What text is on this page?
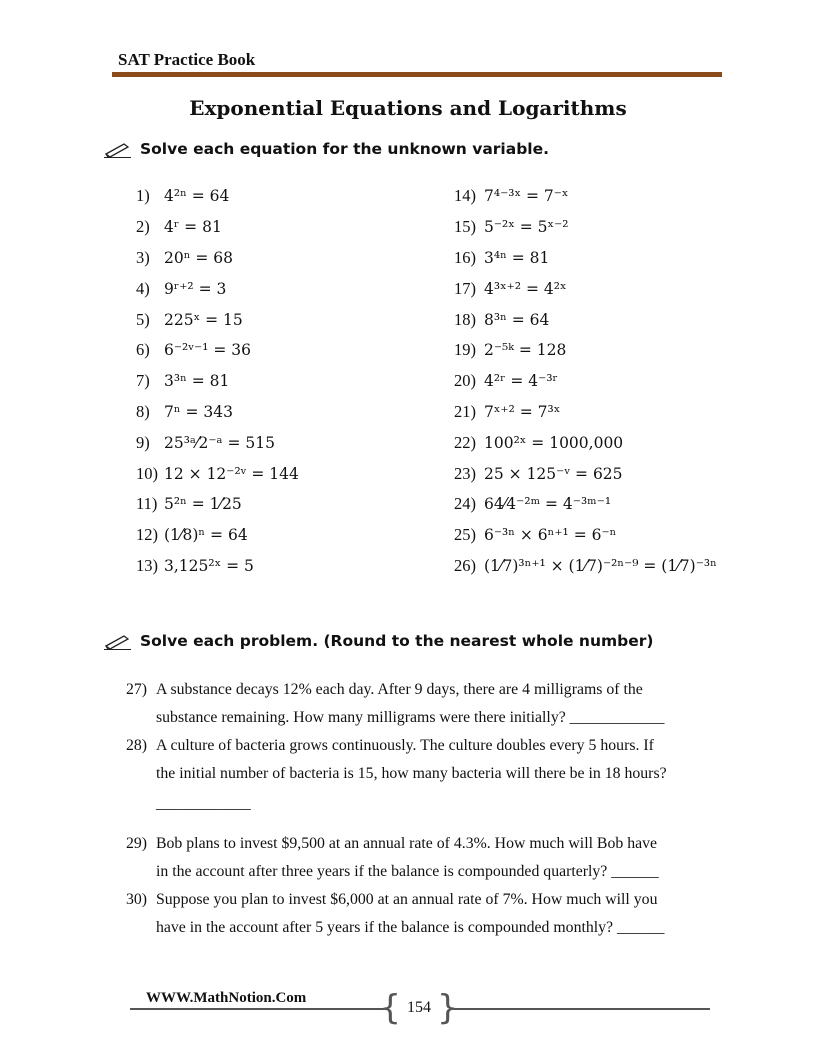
SAT Practice Book
Exponential Equations and Logarithms
Solve each equation for the unknown variable.
1) 4²ⁿ = 64
2) 4ʳ = 81
3) 20ⁿ = 68
4) 9ʳ⁺² = 3
5) 225ˣ = 15
6) 6⁻²ᵛ⁻¹ = 36
7) 3³ⁿ = 81
8) 7ⁿ = 343
9) 25³ᵃ⁄2⁻ᵃ = 515
10) 12 × 12⁻²ᵛ = 144
11) 5²ⁿ = 1⁄25
12) (1⁄8)ⁿ = 64
13) 3,125²ˣ = 5
14) 7⁴⁻³ˣ = 7⁻ˣ
15) 5⁻²ˣ = 5ˣ⁻²
16) 3⁴ⁿ = 81
17) 4³ˣ⁺² = 4²ˣ
18) 8³ⁿ = 64
19) 2⁻⁵ᵏ = 128
20) 4²ʳ = 4⁻³ʳ
21) 7ˣ⁺² = 7³ˣ
22) 100²ˣ = 1000,000
23) 25 × 125⁻ᵛ = 625
24) 64⁄4⁻²ᵐ = 4⁻³ᵐ⁻¹
25) 6⁻³ⁿ × 6ⁿ⁺¹ = 6⁻ⁿ
26) (1⁄7)³ⁿ⁺¹ × (1⁄7)⁻²ⁿ⁻⁹ = (1⁄7)⁻³ⁿ
Solve each problem. (Round to the nearest whole number)
27) A substance decays 12% each day. After 9 days, there are 4 milligrams of the
substance remaining. How many milligrams were there initially? ____________
28) A culture of bacteria grows continuously. The culture doubles every 5 hours. If
the initial number of bacteria is 15, how many bacteria will there be in 18 hours?
____________
29) Bob plans to invest $9,500 at an annual rate of 4.3%. How much will Bob have
in the account after three years if the balance is compounded quarterly? ______
30) Suppose you plan to invest $6,000 at an annual rate of 7%. How much will you
have in the account after 5 years if the balance is compounded monthly? ______
WWW.MathNotion.Com { 154 }
